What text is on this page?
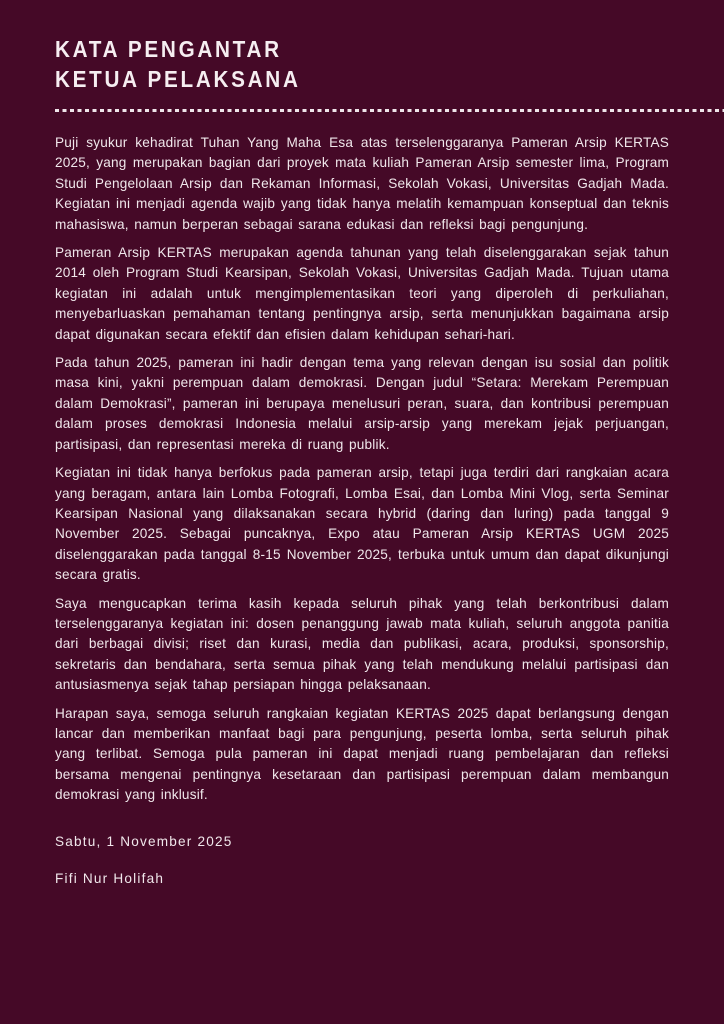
KATA PENGANTAR
KETUA PELAKSANA

Puji syukur kehadirat Tuhan Yang Maha Esa atas terselenggaranya Pameran Arsip KERTAS 2025, yang merupakan bagian dari proyek mata kuliah Pameran Arsip semester lima, Program Studi Pengelolaan Arsip dan Rekaman Informasi, Sekolah Vokasi, Universitas Gadjah Mada. Kegiatan ini menjadi agenda wajib yang tidak hanya melatih kemampuan konseptual dan teknis mahasiswa, namun berperan sebagai sarana edukasi dan refleksi bagi pengunjung.

Pameran Arsip KERTAS merupakan agenda tahunan yang telah diselenggarakan sejak tahun 2014 oleh Program Studi Kearsipan, Sekolah Vokasi, Universitas Gadjah Mada. Tujuan utama kegiatan ini adalah untuk mengimplementasikan teori yang diperoleh di perkuliahan, menyebarluaskan pemahaman tentang pentingnya arsip, serta menunjukkan bagaimana arsip dapat digunakan secara efektif dan efisien dalam kehidupan sehari-hari.

Pada tahun 2025, pameran ini hadir dengan tema yang relevan dengan isu sosial dan politik masa kini, yakni perempuan dalam demokrasi. Dengan judul “Setara: Merekam Perempuan dalam Demokrasi”, pameran ini berupaya menelusuri peran, suara, dan kontribusi perempuan dalam proses demokrasi Indonesia melalui arsip-arsip yang merekam jejak perjuangan, partisipasi, dan representasi mereka di ruang publik.

Kegiatan ini tidak hanya berfokus pada pameran arsip, tetapi juga terdiri dari rangkaian acara yang beragam, antara lain Lomba Fotografi, Lomba Esai, dan Lomba Mini Vlog, serta Seminar Kearsipan Nasional yang dilaksanakan secara hybrid (daring dan luring) pada tanggal 9 November 2025. Sebagai puncaknya, Expo atau Pameran Arsip KERTAS UGM 2025 diselenggarakan pada tanggal 8-15 November 2025, terbuka untuk umum dan dapat dikunjungi secara gratis.

Saya mengucapkan terima kasih kepada seluruh pihak yang telah berkontribusi dalam terselenggaranya kegiatan ini: dosen penanggung jawab mata kuliah, seluruh anggota panitia dari berbagai divisi; riset dan kurasi, media dan publikasi, acara, produksi, sponsorship, sekretaris dan bendahara, serta semua pihak yang telah mendukung melalui partisipasi dan antusiasmenya sejak tahap persiapan hingga pelaksanaan.

Harapan saya, semoga seluruh rangkaian kegiatan KERTAS 2025 dapat berlangsung dengan lancar dan memberikan manfaat bagi para pengunjung, peserta lomba, serta seluruh pihak yang terlibat. Semoga pula pameran ini dapat menjadi ruang pembelajaran dan refleksi bersama mengenai pentingnya kesetaraan dan partisipasi perempuan dalam membangun demokrasi yang inklusif.

Sabtu, 1 November 2025
Fifi Nur Holifah
